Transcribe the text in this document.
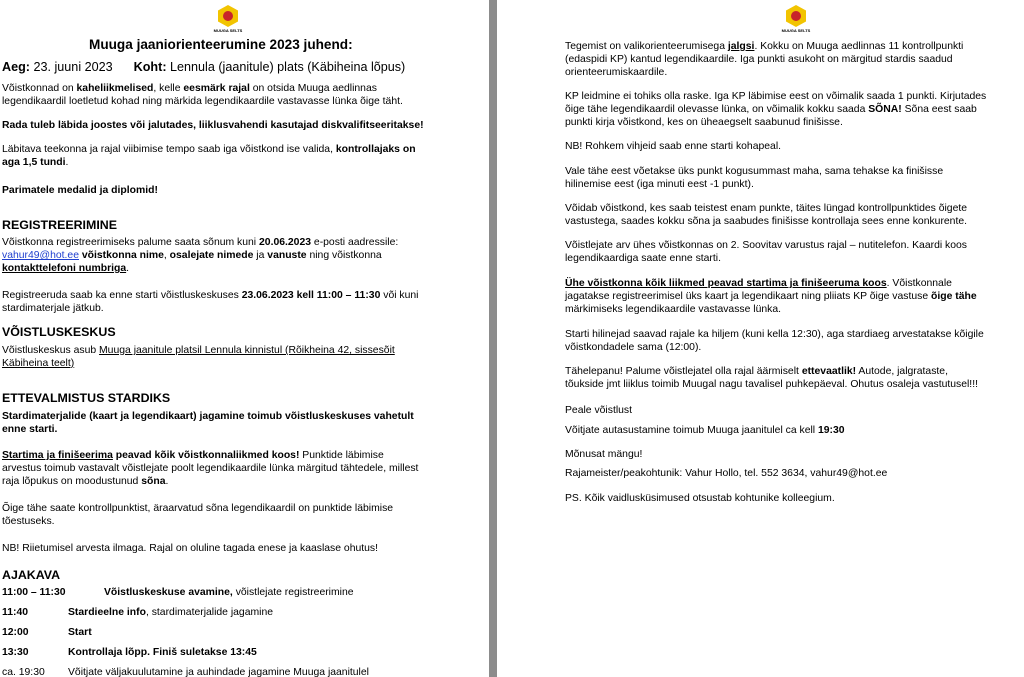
MUUGA SELTS
Muuga jaaniorienteerumine 2023 juhend:
Aeg: 23. juuni 2023 Koht: Lennula (jaanitule) plats (Käbiheina lõpus)
Võistkonnad on kaheliikmelised, kelle eesmärk rajal on otsida Muuga aedlinnas
legendikaardil loetletud kohad ning märkida legendikaardile vastavasse lünka õige täht.
Rada tuleb läbida joostes või jalutades, liiklusvahendi kasutajad diskvalifitseeritakse!
Läbitava teekonna ja rajal viibimise tempo saab iga võistkond ise valida, kontrollajaks on
aga 1,5 tundi.
Parimatele medalid ja diplomid!
REGISTREERIMINE
Võistkonna registreerimiseks palume saata sõnum kuni 20.06.2023 e-posti aadressile:
vahur49@hot.ee võistkonna nime, osalejate nimede ja vanuste ning võistkonna
kontakttelefoni numbriga.
Registreeruda saab ka enne starti võistluskeskuses 23.06.2023 kell 11:00 – 11:30 või kuni
stardimaterjale jätkub.
VÕISTLUSKESKUS
Võistluskeskus asub Muuga jaanitule platsil Lennula kinnistul (Rõikheina 42, sissesõit
Käbiheina teelt)
ETTEVALMISTUS STARDIKS
Stardimaterjalide (kaart ja legendikaart) jagamine toimub võistluskeskuses vahetult
enne starti.
Startima ja finišeerima peavad kõik võistkonnaliikmed koos! Punktide läbimise
arvestus toimub vastavalt võistlejate poolt legendikaardile lünka märgitud tähtedele, millest
raja lõpukus on moodustunud sõna.
Õige tähe saate kontrollpunktist, äraarvatud sõna legendikaardil on punktide läbimise
tõestuseks.
NB! Riietumisel arvesta ilmaga. Rajal on oluline tagada enese ja kaaslase ohutus!
AJAKAVA
11:00 – 11:30	Võistluskeskuse avamine, võistlejate registreerimine
11:40	Stardieelne info, stardimaterjalide jagamine
12:00	Start
13:30	Kontrollaja lõpp. Finiš suletakse 13:45
ca. 19:30 Võitjate väljakuulutamine ja auhindade jagamine Muuga jaanitulel
MUUGA SELTS
Tegemist on valikorienteerumisega jalgsi. Kokku on Muuga aedlinnas 11 kontrollpunkti
(edaspidi KP) kantud legendikaardile. Iga punkti asukoht on märgitud stardis saadud
orienteerumiskaardile.
KP leidmine ei tohiks olla raske. Iga KP läbimise eest on võimalik saada 1 punkti. Kirjutades
õige tähe legendikaardil olevasse lünka, on võimalik kokku saada SÕNA! Sõna eest saab
punkti kirja võistkond, kes on üheaegselt saabunud finišisse.
NB! Rohkem vihjeid saab enne starti kohapeal.
Vale tähe eest võetakse üks punkt kogusummast maha, sama tehakse ka finišisse
hilinemise eest (iga minuti eest -1 punkt).
Võidab võistkond, kes saab teistest enam punkte, täites lüngad kontrollpunktides õigete
vastustega, saades kokku sõna ja saabudes finišisse kontrollaja sees enne konkurente.
Võistlejate arv ühes võistkonnas on 2. Soovitav varustus rajal – nutitelefon. Kaardi koos
legendikaardiga saate enne starti.
Ühe võistkonna kõik liikmed peavad startima ja finišeeruma koos. Võistkonnale
jagatakse registreerimisel üks kaart ja legendikaart ning pliiats KP õige vastuse õige tähe
märkimiseks legendikaardile vastavasse lünka.
Starti hilinejad saavad rajale ka hiljem (kuni kella 12:30), aga stardiaeg arvestatakse kõigile
võistkondadele sama (12:00).
Tähelepanu! Palume võistlejatel olla rajal äärmiselt ettevaatlik! Autode, jalgrataste,
tõukside jmt liiklus toimib Muugal nagu tavalisel puhkepäeval. Ohutus osaleja vastutusel!!!
Peale võistlust
Võitjate autasustamine toimub Muuga jaanitulel ca kell 19:30
Mõnusat mängu!
Rajameister/peakohtunik: Vahur Hollo, tel. 552 3634, vahur49@hot.ee
PS. Kõik vaidlusküsimused otsustab kohtunike kolleegium.
